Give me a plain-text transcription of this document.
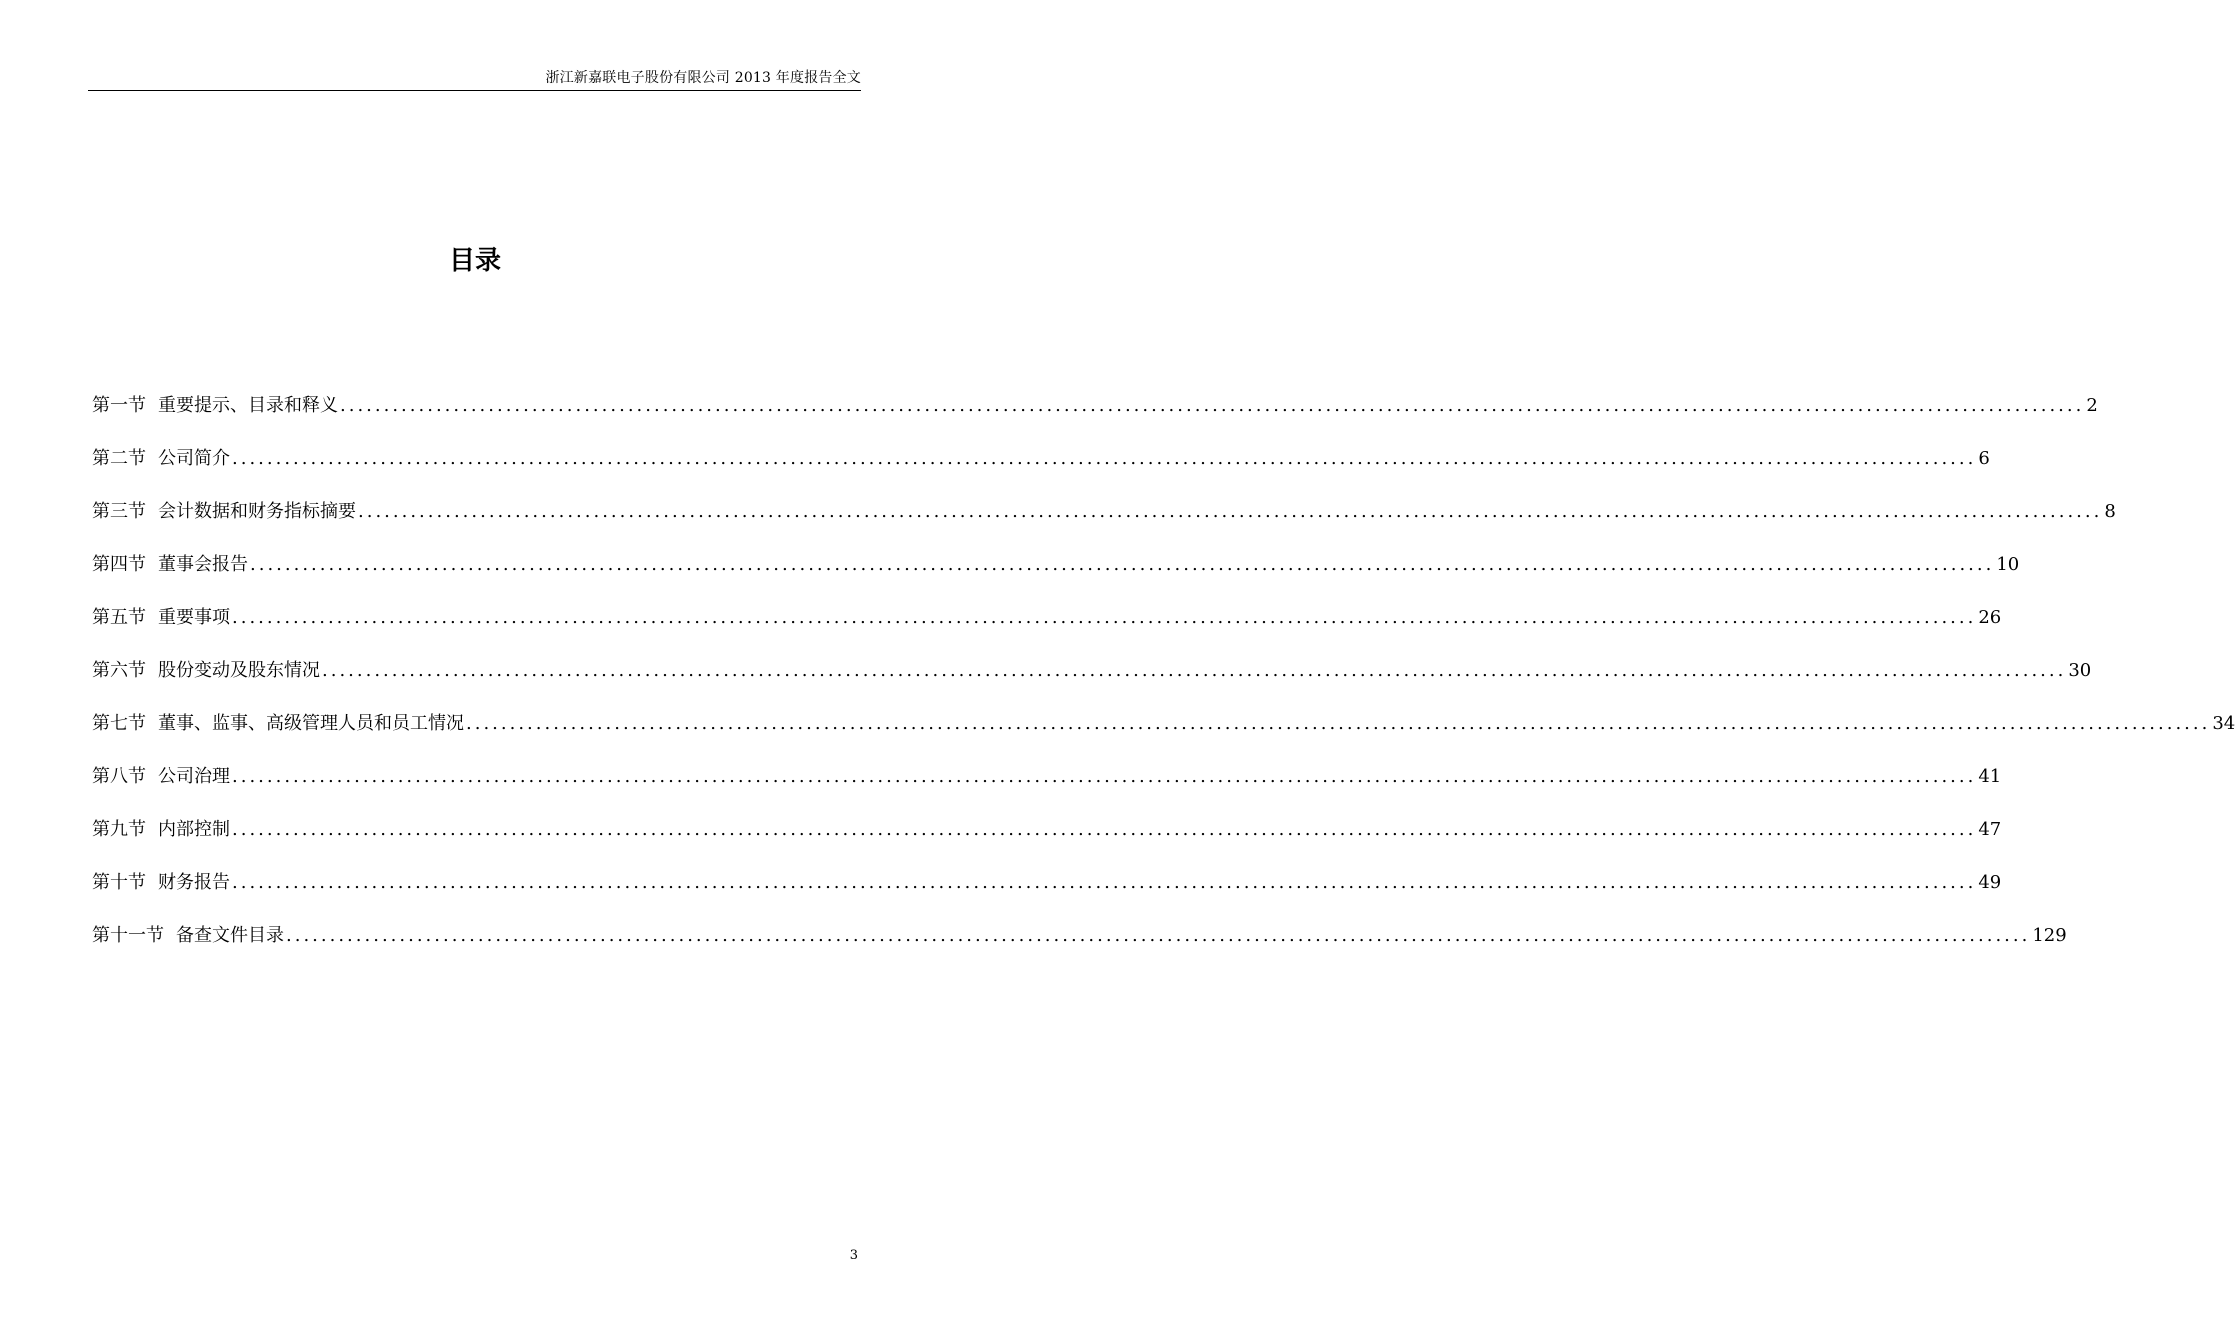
浙江新嘉联电子股份有限公司 2013 年度报告全文
目录
第一节 重要提示、目录和释义 ........................................................................................................................................................................................................ 2
第二节 公司简介 ........................................................................................................................................................................................................ 6
第三节 会计数据和财务指标摘要 ........................................................................................................................................................................................................ 8
第四节 董事会报告 ........................................................................................................................................................................................................ 10
第五节 重要事项 ........................................................................................................................................................................................................ 26
第六节 股份变动及股东情况 ........................................................................................................................................................................................................ 30
第七节 董事、监事、高级管理人员和员工情况 ........................................................................................................................................................................................................ 34
第八节 公司治理 ........................................................................................................................................................................................................ 41
第九节 内部控制 ........................................................................................................................................................................................................ 47
第十节 财务报告 ........................................................................................................................................................................................................ 49
第十一节 备查文件目录 ........................................................................................................................................................................................................ 129
3
